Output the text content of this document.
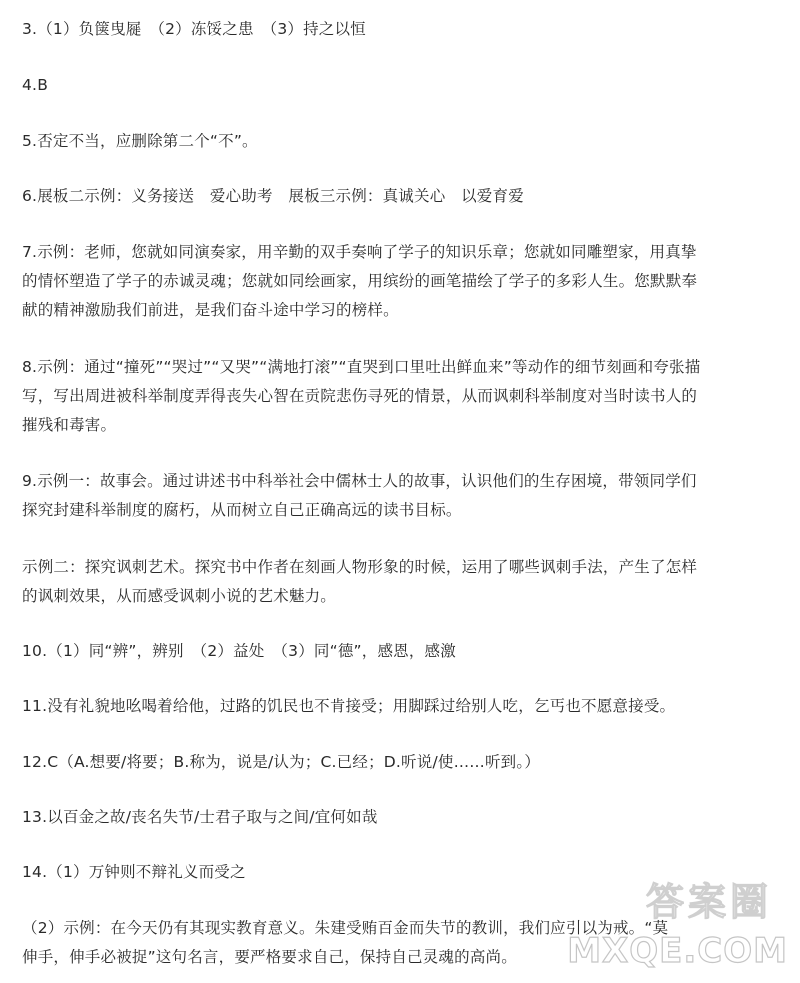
3.（1）负箧曳屣　（2）冻馁之患　（3）持之以恒

4.B

5.否定不当，应删除第二个“不”。

6.展板二示例：义务接送　爱心助考　展板三示例：真诚关心　以爱育爱

7.示例：老师，您就如同演奏家，用辛勤的双手奏响了学子的知识乐章；您就如同雕塑家，用真挚
的情怀塑造了学子的赤诚灵魂；您就如同绘画家，用缤纷的画笔描绘了学子的多彩人生。您默默奉
献的精神激励我们前进，是我们奋斗途中学习的榜样。

8.示例：通过“撞死”“哭过”“又哭”“满地打滚”“直哭到口里吐出鲜血来”等动作的细节刻画和夸张描
写，写出周进被科举制度弄得丧失心智在贡院悲伤寻死的情景，从而讽刺科举制度对当时读书人的
摧残和毒害。

9.示例一：故事会。通过讲述书中科举社会中儒林士人的故事，认识他们的生存困境，带领同学们
探究封建科举制度的腐朽，从而树立自己正确高远的读书目标。

示例二：探究讽刺艺术。探究书中作者在刻画人物形象的时候，运用了哪些讽刺手法，产生了怎样
的讽刺效果，从而感受讽刺小说的艺术魅力。

10.（1）同“辨”，辨别　（2）益处　（3）同“德”，感恩，感激

11.没有礼貌地吆喝着给他，过路的饥民也不肯接受；用脚踩过给别人吃，乞丐也不愿意接受。

12.C（A.想要/将要；B.称为，说是/认为；C.已经；D.听说/使……听到。）

13.以百金之故/丧名失节/士君子取与之间/宜何如哉

14.（1）万钟则不辩礼义而受之

（2）示例：在今天仍有其现实教育意义。朱建受贿百金而失节的教训，我们应引以为戒。“莫
伸手，伸手必被捉”这句名言，要严格要求自己，保持自己灵魂的高尚。

答案圈
MXQE.COM
